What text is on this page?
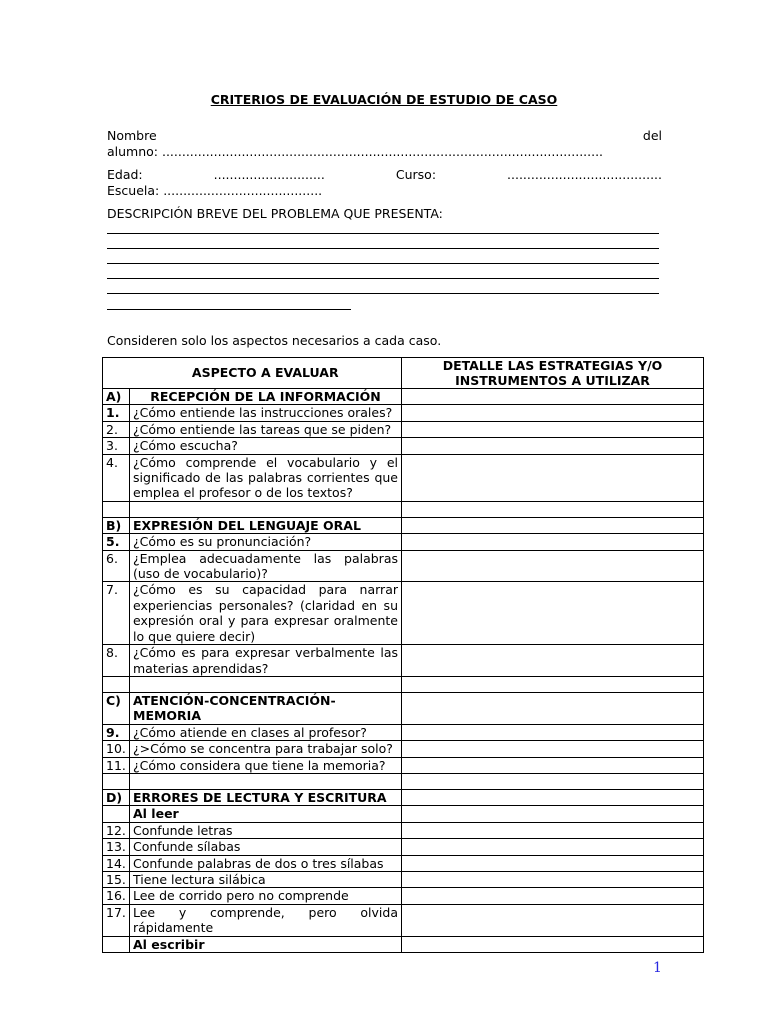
CRITERIOS DE EVALUACIÓN DE ESTUDIO DE CASO
Nombre	del
alumno: ...............................................................................................................
Edad:	............................	Curso:	.......................................
Escuela: ........................................
DESCRIPCIÓN BREVE DEL PROBLEMA QUE PRESENTA:
Consideren solo los aspectos necesarios a cada caso.
	ASPECTO A EVALUAR	DETALLE LAS ESTRATEGIAS Y/O INSTRUMENTOS A UTILIZAR
A)	RECEPCIÓN DE LA INFORMACIÓN	
1.	¿Cómo entiende las instrucciones orales?	
2.	¿Cómo entiende las tareas que se piden?	
3.	¿Cómo escucha?	
4.	¿Cómo comprende el vocabulario y el significado de las palabras corrientes que emplea el profesor o de los textos?	

B)	EXPRESIÓN DEL LENGUAJE ORAL	
5.	¿Cómo es su pronunciación?	
6.	¿Emplea adecuadamente las palabras (uso de vocabulario)?	
7.	¿Cómo es su capacidad para narrar experiencias personales? (claridad en su expresión oral y para expresar oralmente lo que quiere decir)	
8.	¿Cómo es para expresar verbalmente las materias aprendidas?	

C)	ATENCIÓN-CONCENTRACIÓN-MEMORIA	
9.	¿Cómo atiende en clases al profesor?	
10.	¿>Cómo se concentra para trabajar solo?	
11.	¿Cómo considera que tiene la memoria?	

D)	ERRORES DE LECTURA Y ESCRITURA	
	Al leer	
12.	Confunde letras	
13.	Confunde sílabas	
14.	Confunde palabras de dos o tres sílabas	
15.	Tiene lectura silábica	
16.	Lee de corrido pero no comprende	
17.	Lee y comprende, pero olvida rápidamente	
	Al escribir	
1
